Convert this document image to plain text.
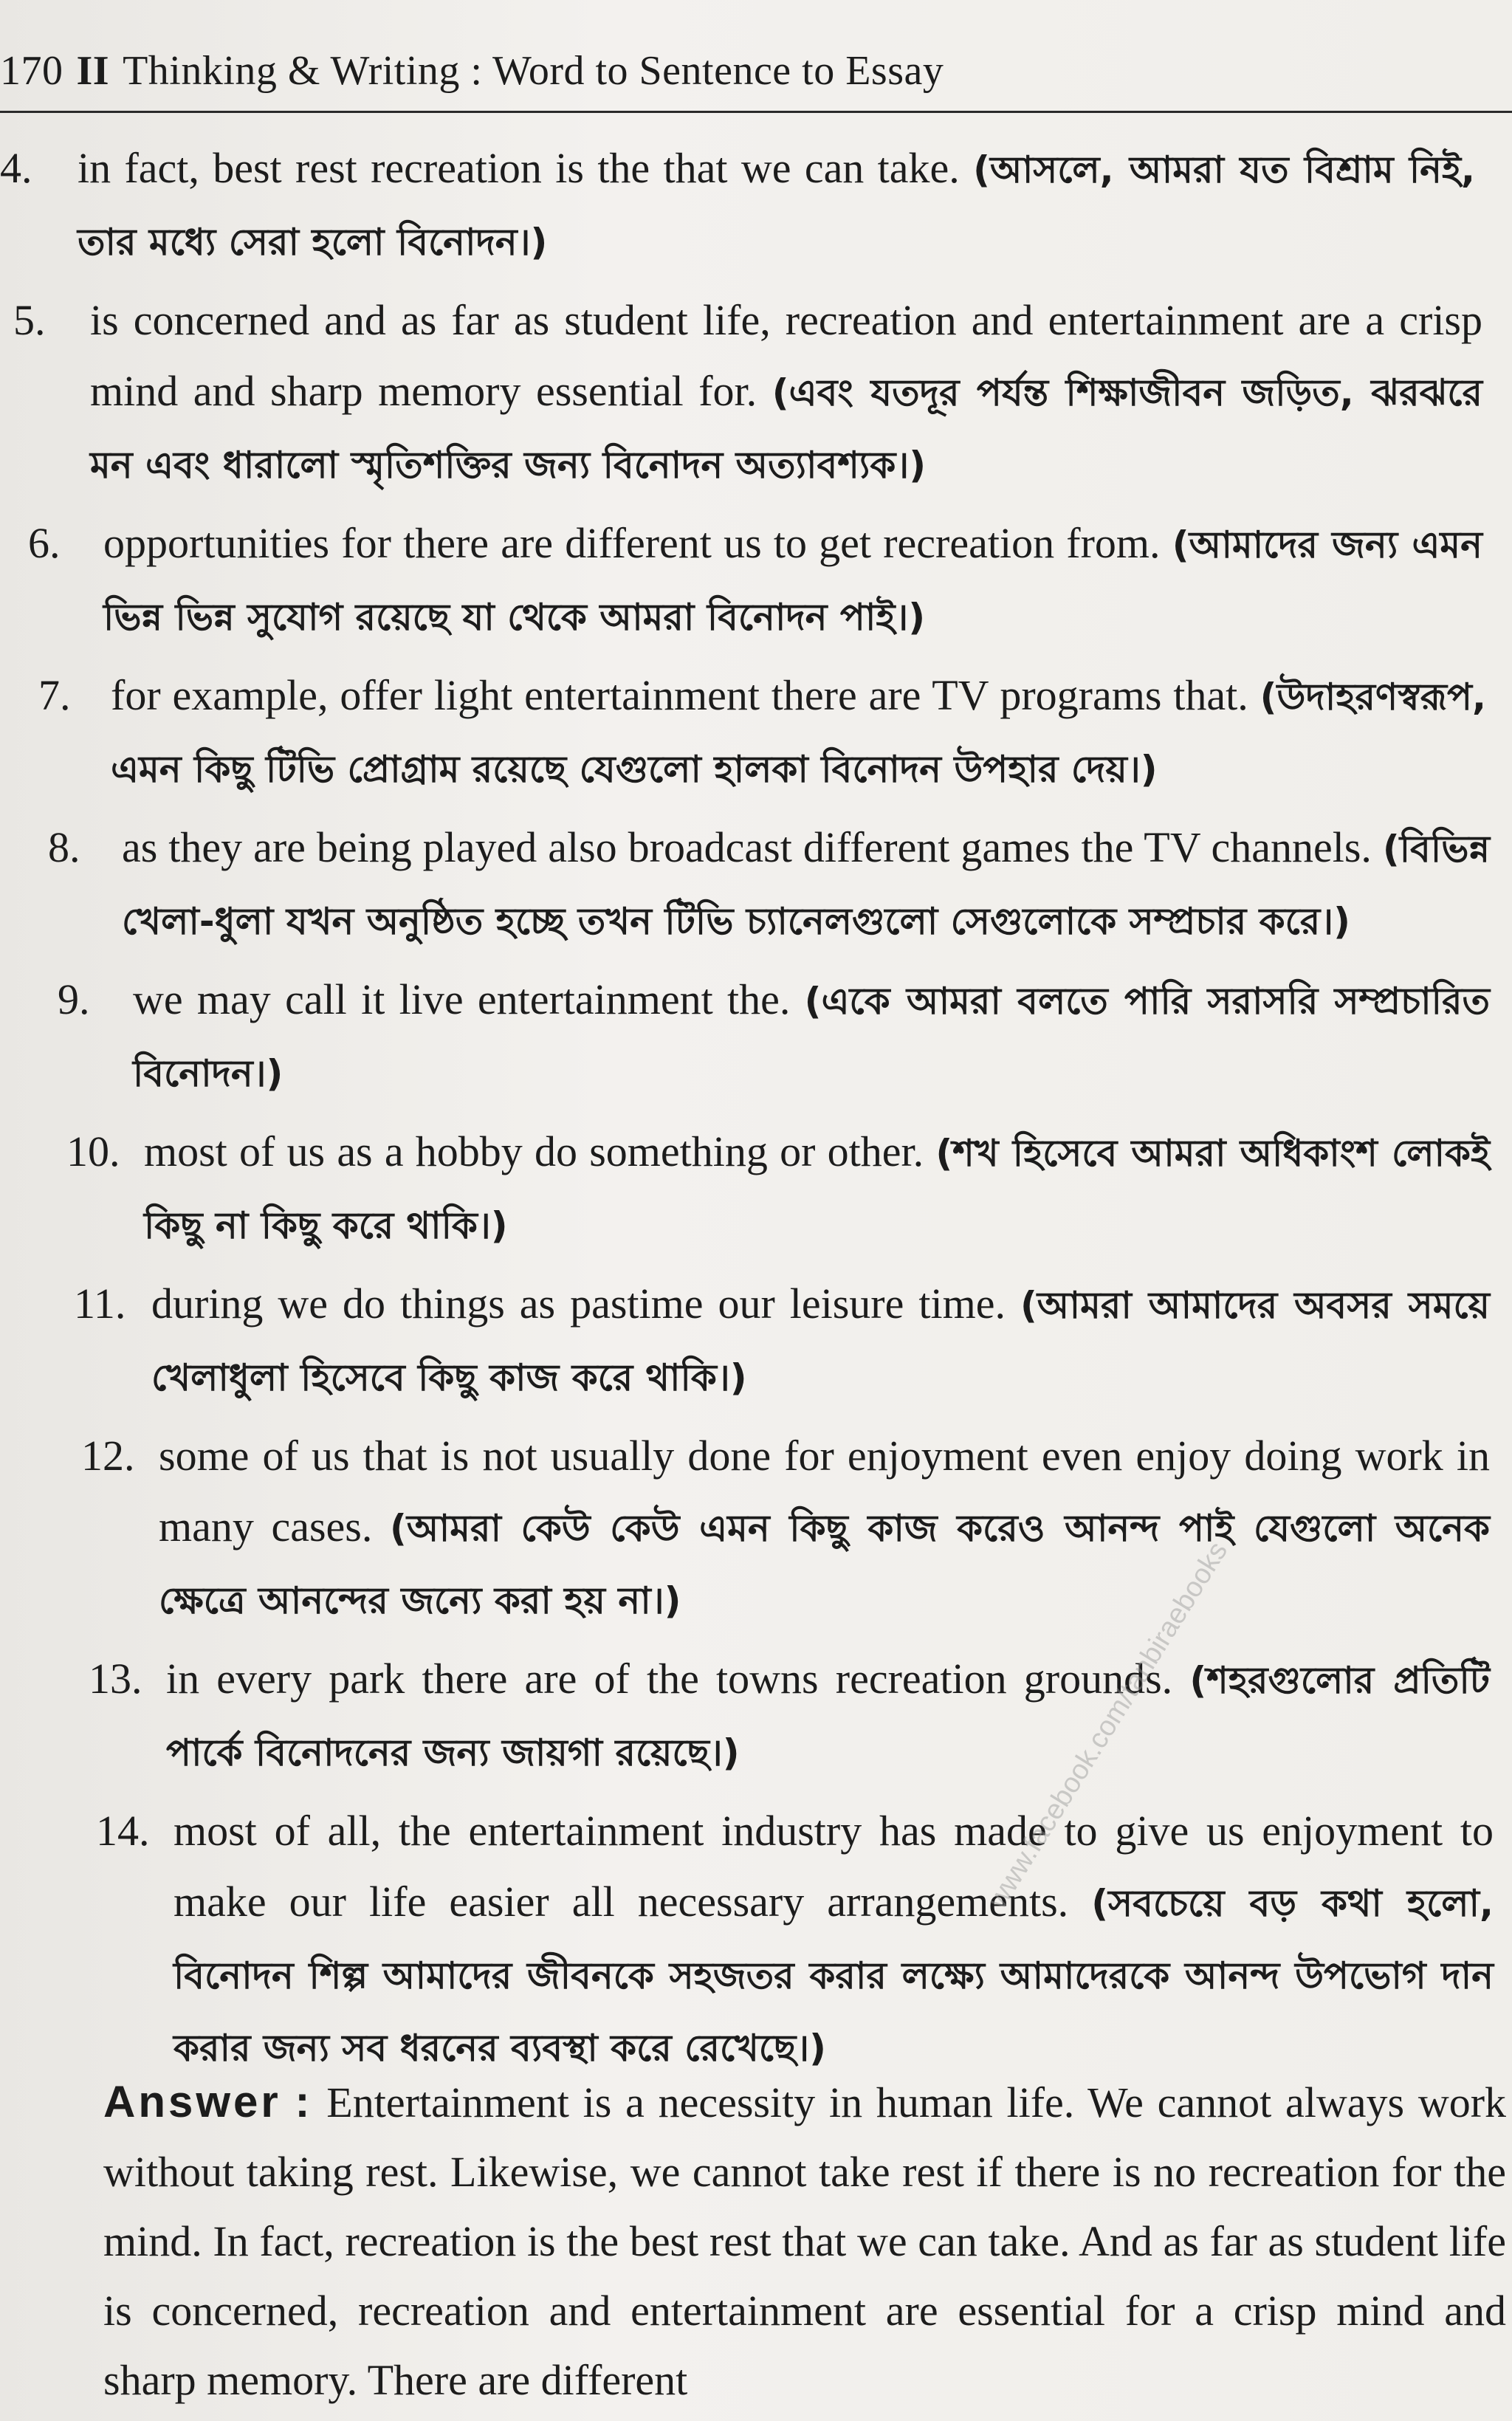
170 II Thinking & Writing : Word to Sentence to Essay
4. in fact, best rest recreation is the that we can take. (আসলে, আমরা যত বিশ্রাম নিই, তার মধ্যে সেরা হলো বিনোদন।)
5. is concerned and as far as student life, recreation and entertainment are a crisp mind and sharp memory essential for. (এবং যতদূর পর্যন্ত শিক্ষাজীবন জড়িত, ঝরঝরে মন এবং ধারালো স্মৃতিশক্তির জন্য বিনোদন অত্যাবশ্যক।)
6. opportunities for there are different us to get recreation from. (আমাদের জন্য এমন ভিন্ন ভিন্ন সুযোগ রয়েছে যা থেকে আমরা বিনোদন পাই।)
7. for example, offer light entertainment there are TV programs that. (উদাহরণস্বরূপ, এমন কিছু টিভি প্রোগ্রাম রয়েছে যেগুলো হালকা বিনোদন উপহার দেয়।)
8. as they are being played also broadcast different games the TV channels. (বিভিন্ন খেলা-ধুলা যখন অনুষ্ঠিত হচ্ছে তখন টিভি চ্যানেলগুলো সেগুলোকে সম্প্রচার করে।)
9. we may call it live entertainment the. (একে আমরা বলতে পারি সরাসরি সম্প্রচারিত বিনোদন।)
10. most of us as a hobby do something or other. (শখ হিসেবে আমরা অধিকাংশ লোকই কিছু না কিছু করে থাকি।)
11. during we do things as pastime our leisure time. (আমরা আমাদের অবসর সময়ে খেলাধুলা হিসেবে কিছু কাজ করে থাকি।)
12. some of us that is not usually done for enjoyment even enjoy doing work in many cases. (আমরা কেউ কেউ এমন কিছু কাজ করেও আনন্দ পাই যেগুলো অনেক ক্ষেত্রে আনন্দের জন্যে করা হয় না।)
13. in every park there are of the towns recreation grounds. (শহরগুলোর প্রতিটি পার্কে বিনোদনের জন্য জায়গা রয়েছে।)
14. most of all, the entertainment industry has made to give us enjoyment to make our life easier all necessary arrangements. (সবচেয়ে বড় কথা হলো, বিনোদন শিল্প আমাদের জীবনকে সহজতর করার লক্ষ্যে আমাদেরকে আনন্দ উপভোগ দান করার জন্য সব ধরনের ব্যবস্থা করে রেখেছে।)
Answer : Entertainment is a necessity in human life. We cannot always work without taking rest. Likewise, we cannot take rest if there is no recreation for the mind. In fact, recreation is the best rest that we can take. And as far as student life is concerned, recreation and entertainment are essential for a crisp mind and sharp memory. There are different
www.facebook.com/tanbiraebooks
